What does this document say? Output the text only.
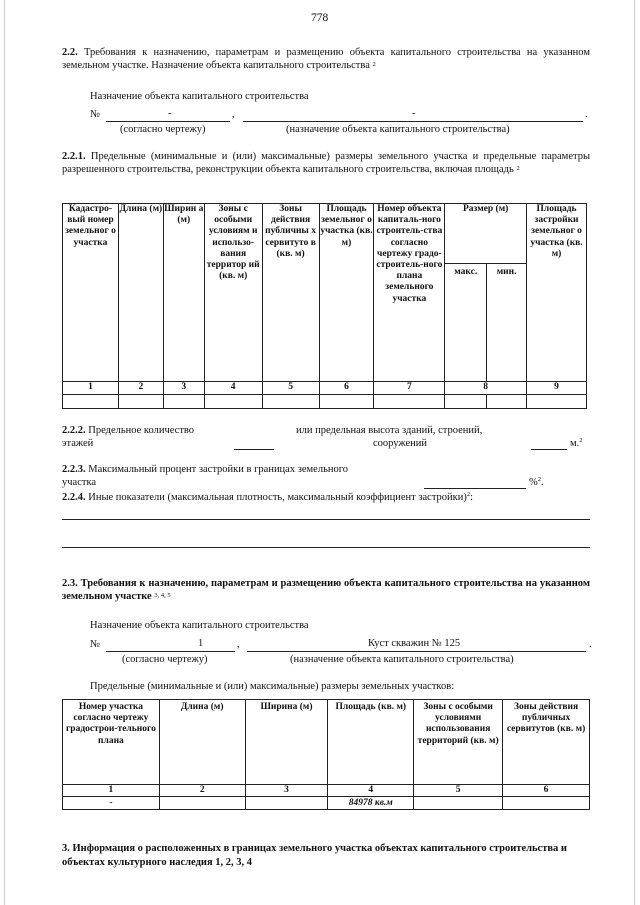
778
2.2. Требования к назначению, параметрам и размещению объекта капитального строительства на указанном земельном участке. Назначение объекта капитального строительства $^2$
Назначение объекта капитального строительства
№	-	,	-	.
(согласно чертежу)	(назначение объекта капитального строительства)
2.2.1. Предельные (минимальные и (или) максимальные) размеры земельного участка и предельные параметры разрешенного строительства, реконструкции объекта капитального строительства, включая площадь $^2$
Кадастро-вый номер земельног о участка	Длина (м)	Ширин а (м)	Зоны с особыми условиям и использо-вания территор ий (кв. м)	Зоны действия публичны х сервитуто в (кв. м)	Площадь земельног о участка (кв. м)	Номер объекта капиталь-ного строитель-ства согласно чертежу градо-строитель-ного плана земельного участка	Размер (м)		Площадь застройки земельног о участка (кв. м)
							макс.	мин.	
1	2	3	4	5	6	7	8		9

2.2.2. Предельное количество
этажей
или предельная высота зданий, строений,
сооружений	м.$^2$
2.2.3. Максимальный процент застройки в границах земельного
участка	%$^2$.
2.2.4. Иные показатели (максимальная плотность, максимальный коэффициент застройки)$^2$:
2.3. Требования к назначению, параметрам и размещению объекта капитального строительства на указанном земельном участке $^{3, 4, 5}$
Назначение объекта капитального строительства
№	1	,	Куст скважин № 125	.
(согласно чертежу)	(назначение объекта капитального строительства)
Предельные (минимальные и (или) максимальные) размеры земельных участков:
Номер участка согласно чертежу градострои-тельного плана	Длина (м)	Ширина (м)	Площадь (кв. м)	Зоны с особыми условиями использования территорий (кв. м)	Зоны действия публичных сервитутов (кв. м)
1	2	3	4	5	6
-			84978 кв.м		
3. Информация о расположенных в границах земельного участка объектах капитального строительства и объектах культурного наследия 1, 2, 3, 4
